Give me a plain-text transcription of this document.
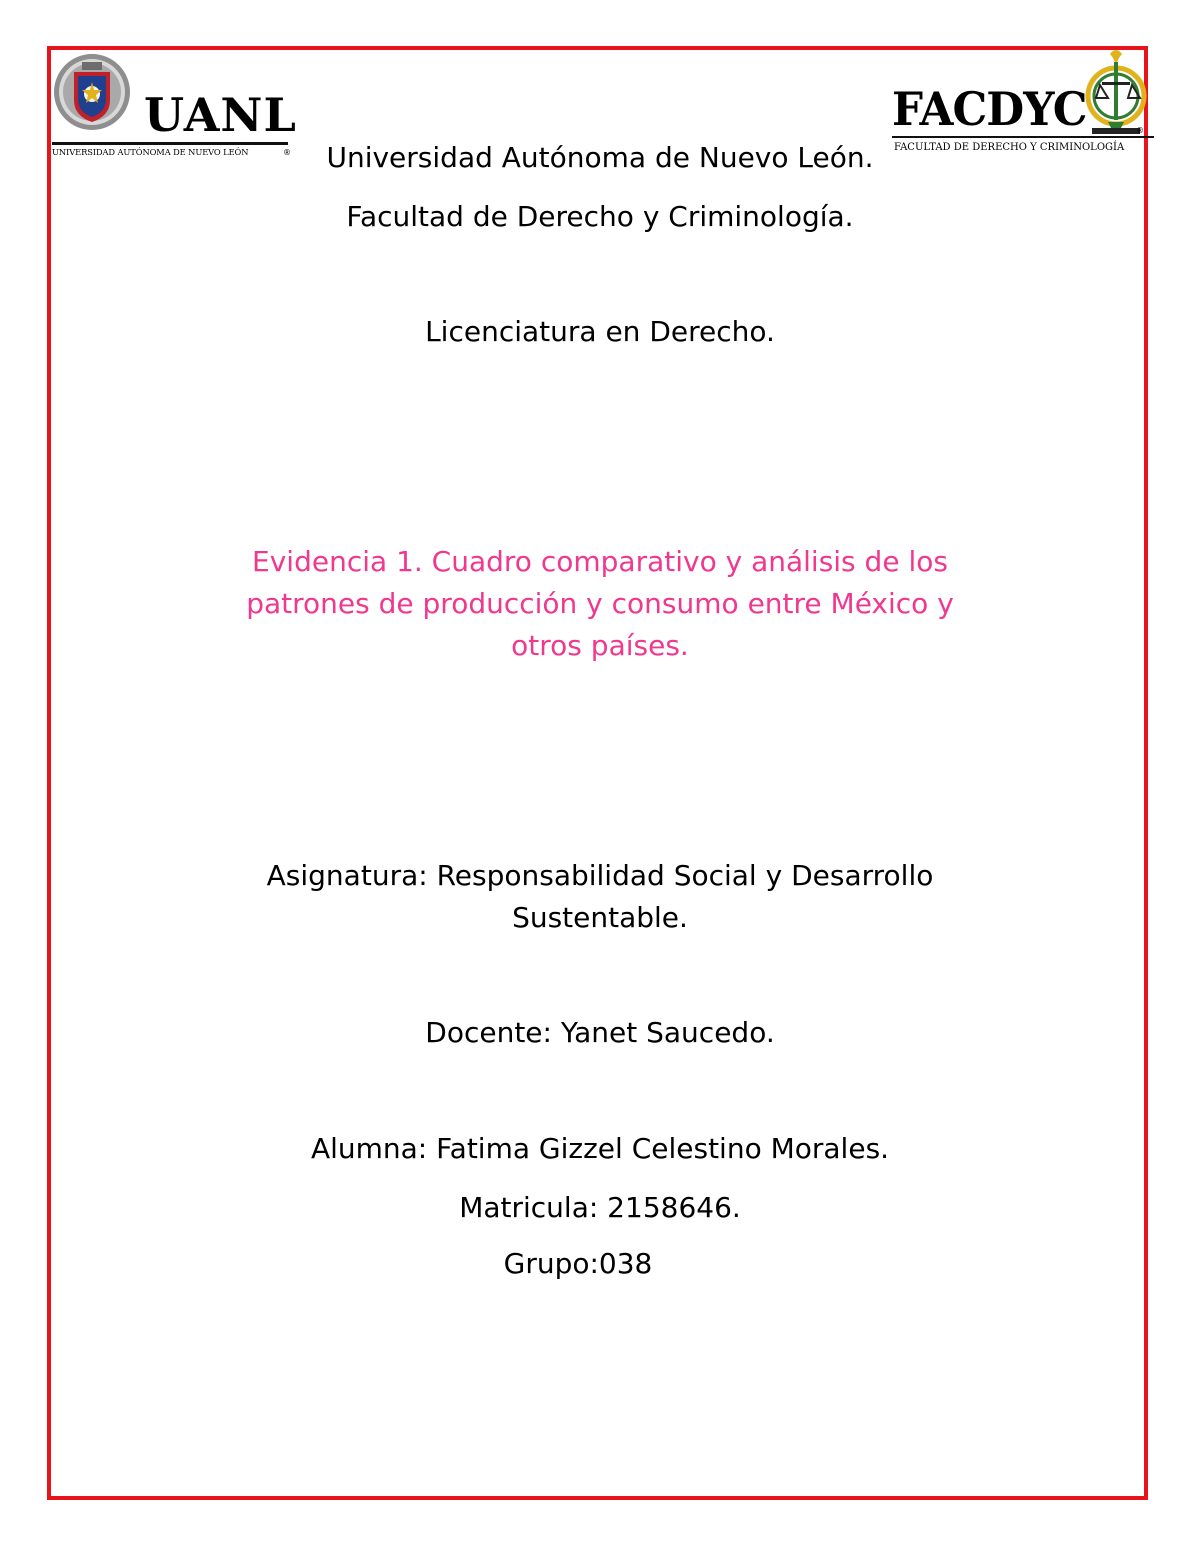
UANL
UNIVERSIDAD AUTÓNOMA DE NUEVO LEÓN	®
FACDYC
FACULTAD DE DERECHO Y CRIMINOLOGÍA
®
Universidad Autónoma de Nuevo León.
Facultad de Derecho y Criminología.
Licenciatura en Derecho.
Evidencia 1. Cuadro comparativo y análisis de los
patrones de producción y consumo entre México y
otros países.
Asignatura: Responsabilidad Social y Desarrollo
Sustentable.
Docente: Yanet Saucedo.
Alumna: Fatima Gizzel Celestino Morales.
Matricula: 2158646.
Grupo:038
